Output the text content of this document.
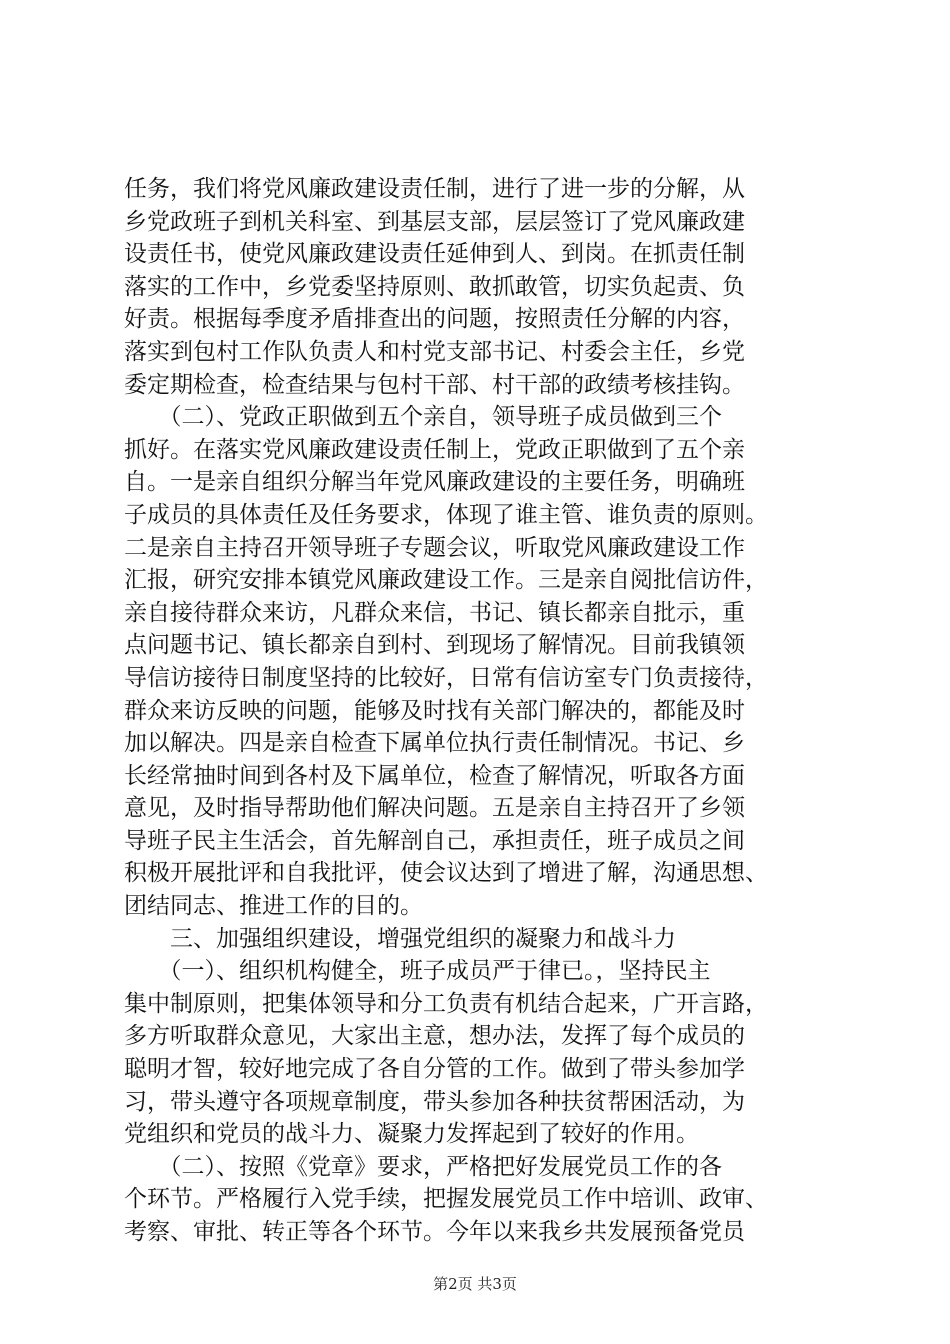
任务，我们将党风廉政建设责任制，进行了进一步的分解，从
乡党政班子到机关科室、到基层支部，层层签订了党风廉政建
设责任书，使党风廉政建设责任延伸到人、到岗。在抓责任制
落实的工作中，乡党委坚持原则、敢抓敢管，切实负起责、负
好责。根据每季度矛盾排查出的问题，按照责任分解的内容，
落实到包村工作队负责人和村党支部书记、村委会主任，乡党
委定期检查，检查结果与包村干部、村干部的政绩考核挂钩。
　　（二）、党政正职做到五个亲自，领导班子成员做到三个
抓好。在落实党风廉政建设责任制上，党政正职做到了五个亲
自。一是亲自组织分解当年党风廉政建设的主要任务，明确班
子成员的具体责任及任务要求，体现了谁主管、谁负责的原则。
二是亲自主持召开领导班子专题会议，听取党风廉政建设工作
汇报，研究安排本镇党风廉政建设工作。三是亲自阅批信访件，
亲自接待群众来访，凡群众来信，书记、镇长都亲自批示，重
点问题书记、镇长都亲自到村、到现场了解情况。目前我镇领
导信访接待日制度坚持的比较好，日常有信访室专门负责接待，
群众来访反映的问题，能够及时找有关部门解决的，都能及时
加以解决。四是亲自检查下属单位执行责任制情况。书记、乡
长经常抽时间到各村及下属单位，检查了解情况，听取各方面
意见，及时指导帮助他们解决问题。五是亲自主持召开了乡领
导班子民主生活会，首先解剖自己，承担责任，班子成员之间
积极开展批评和自我批评，使会议达到了增进了解，沟通思想、
团结同志、推进工作的目的。
　　三、加强组织建设，增强党组织的凝聚力和战斗力
　　（一）、组织机构健全，班子成员严于律已。，坚持民主
集中制原则，把集体领导和分工负责有机结合起来，广开言路，
多方听取群众意见，大家出主意，想办法，发挥了每个成员的
聪明才智，较好地完成了各自分管的工作。做到了带头参加学
习，带头遵守各项规章制度，带头参加各种扶贫帮困活动，为
党组织和党员的战斗力、凝聚力发挥起到了较好的作用。
　　（二）、按照《党章》要求，严格把好发展党员工作的各
个环节。严格履行入党手续，把握发展党员工作中培训、政审、
考察、审批、转正等各个环节。今年以来我乡共发展预备党员
第2页 共3页
